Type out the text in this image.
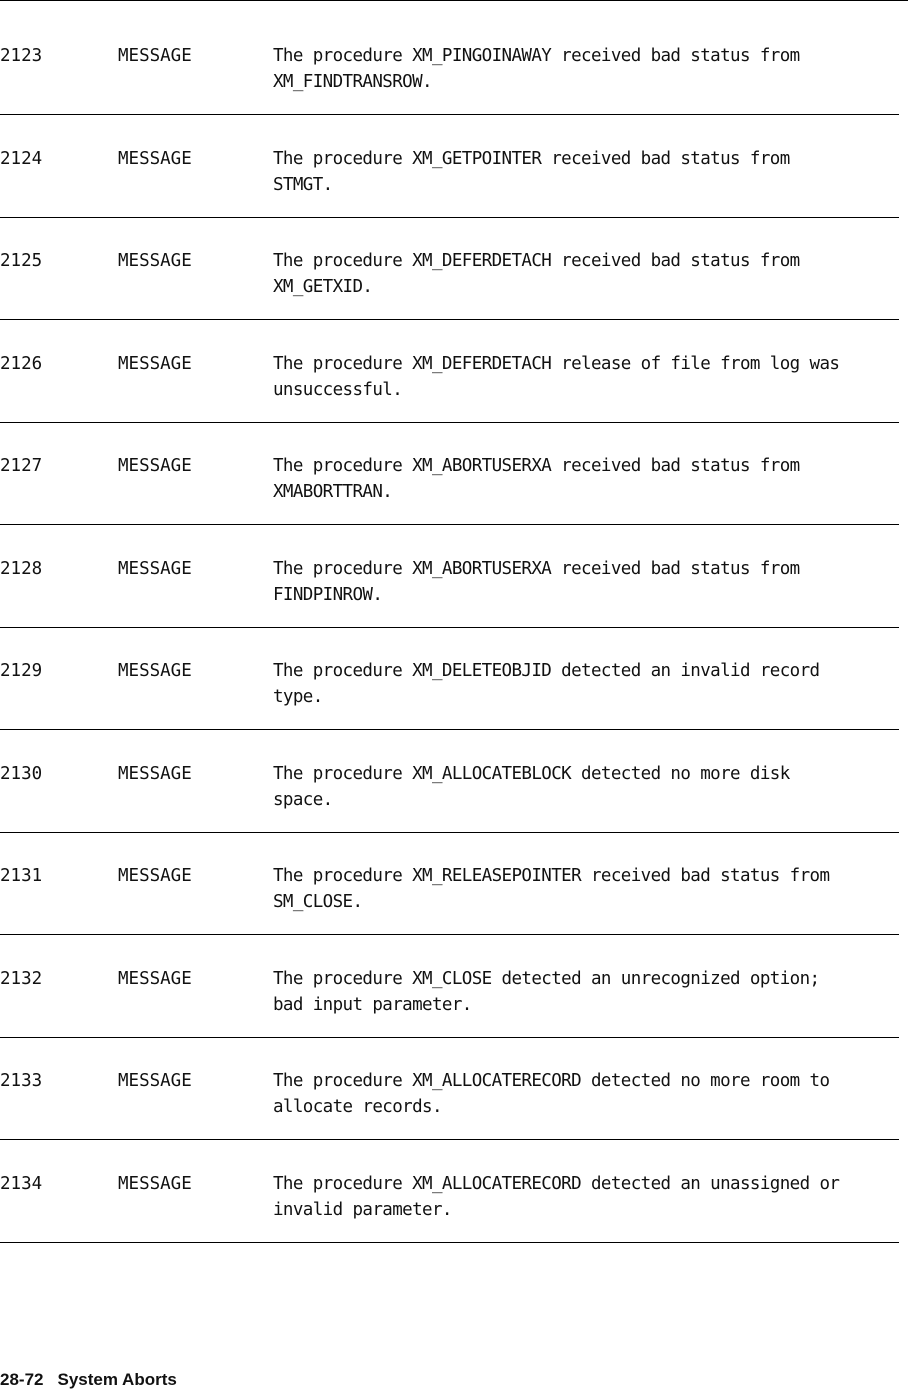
2123	MESSAGE	The procedure XM_PINGOINAWAY received bad status from
XM_FINDTRANSROW.
2124	MESSAGE	The procedure XM_GETPOINTER received bad status from
STMGT.
2125	MESSAGE	The procedure XM_DEFERDETACH received bad status from
XM_GETXID.
2126	MESSAGE	The procedure XM_DEFERDETACH release of file from log was
unsuccessful.
2127	MESSAGE	The procedure XM_ABORTUSERXA received bad status from
XMABORTTRAN.
2128	MESSAGE	The procedure XM_ABORTUSERXA received bad status from
FINDPINROW.
2129	MESSAGE	The procedure XM_DELETEOBJID detected an invalid record
type.
2130	MESSAGE	The procedure XM_ALLOCATEBLOCK detected no more disk
space.
2131	MESSAGE	The procedure XM_RELEASEPOINTER received bad status from
SM_CLOSE.
2132	MESSAGE	The procedure XM_CLOSE detected an unrecognized option;
bad input parameter.
2133	MESSAGE	The procedure XM_ALLOCATERECORD detected no more room to
allocate records.
2134	MESSAGE	The procedure XM_ALLOCATERECORD detected an unassigned or
invalid parameter.
28-72 System Aborts
